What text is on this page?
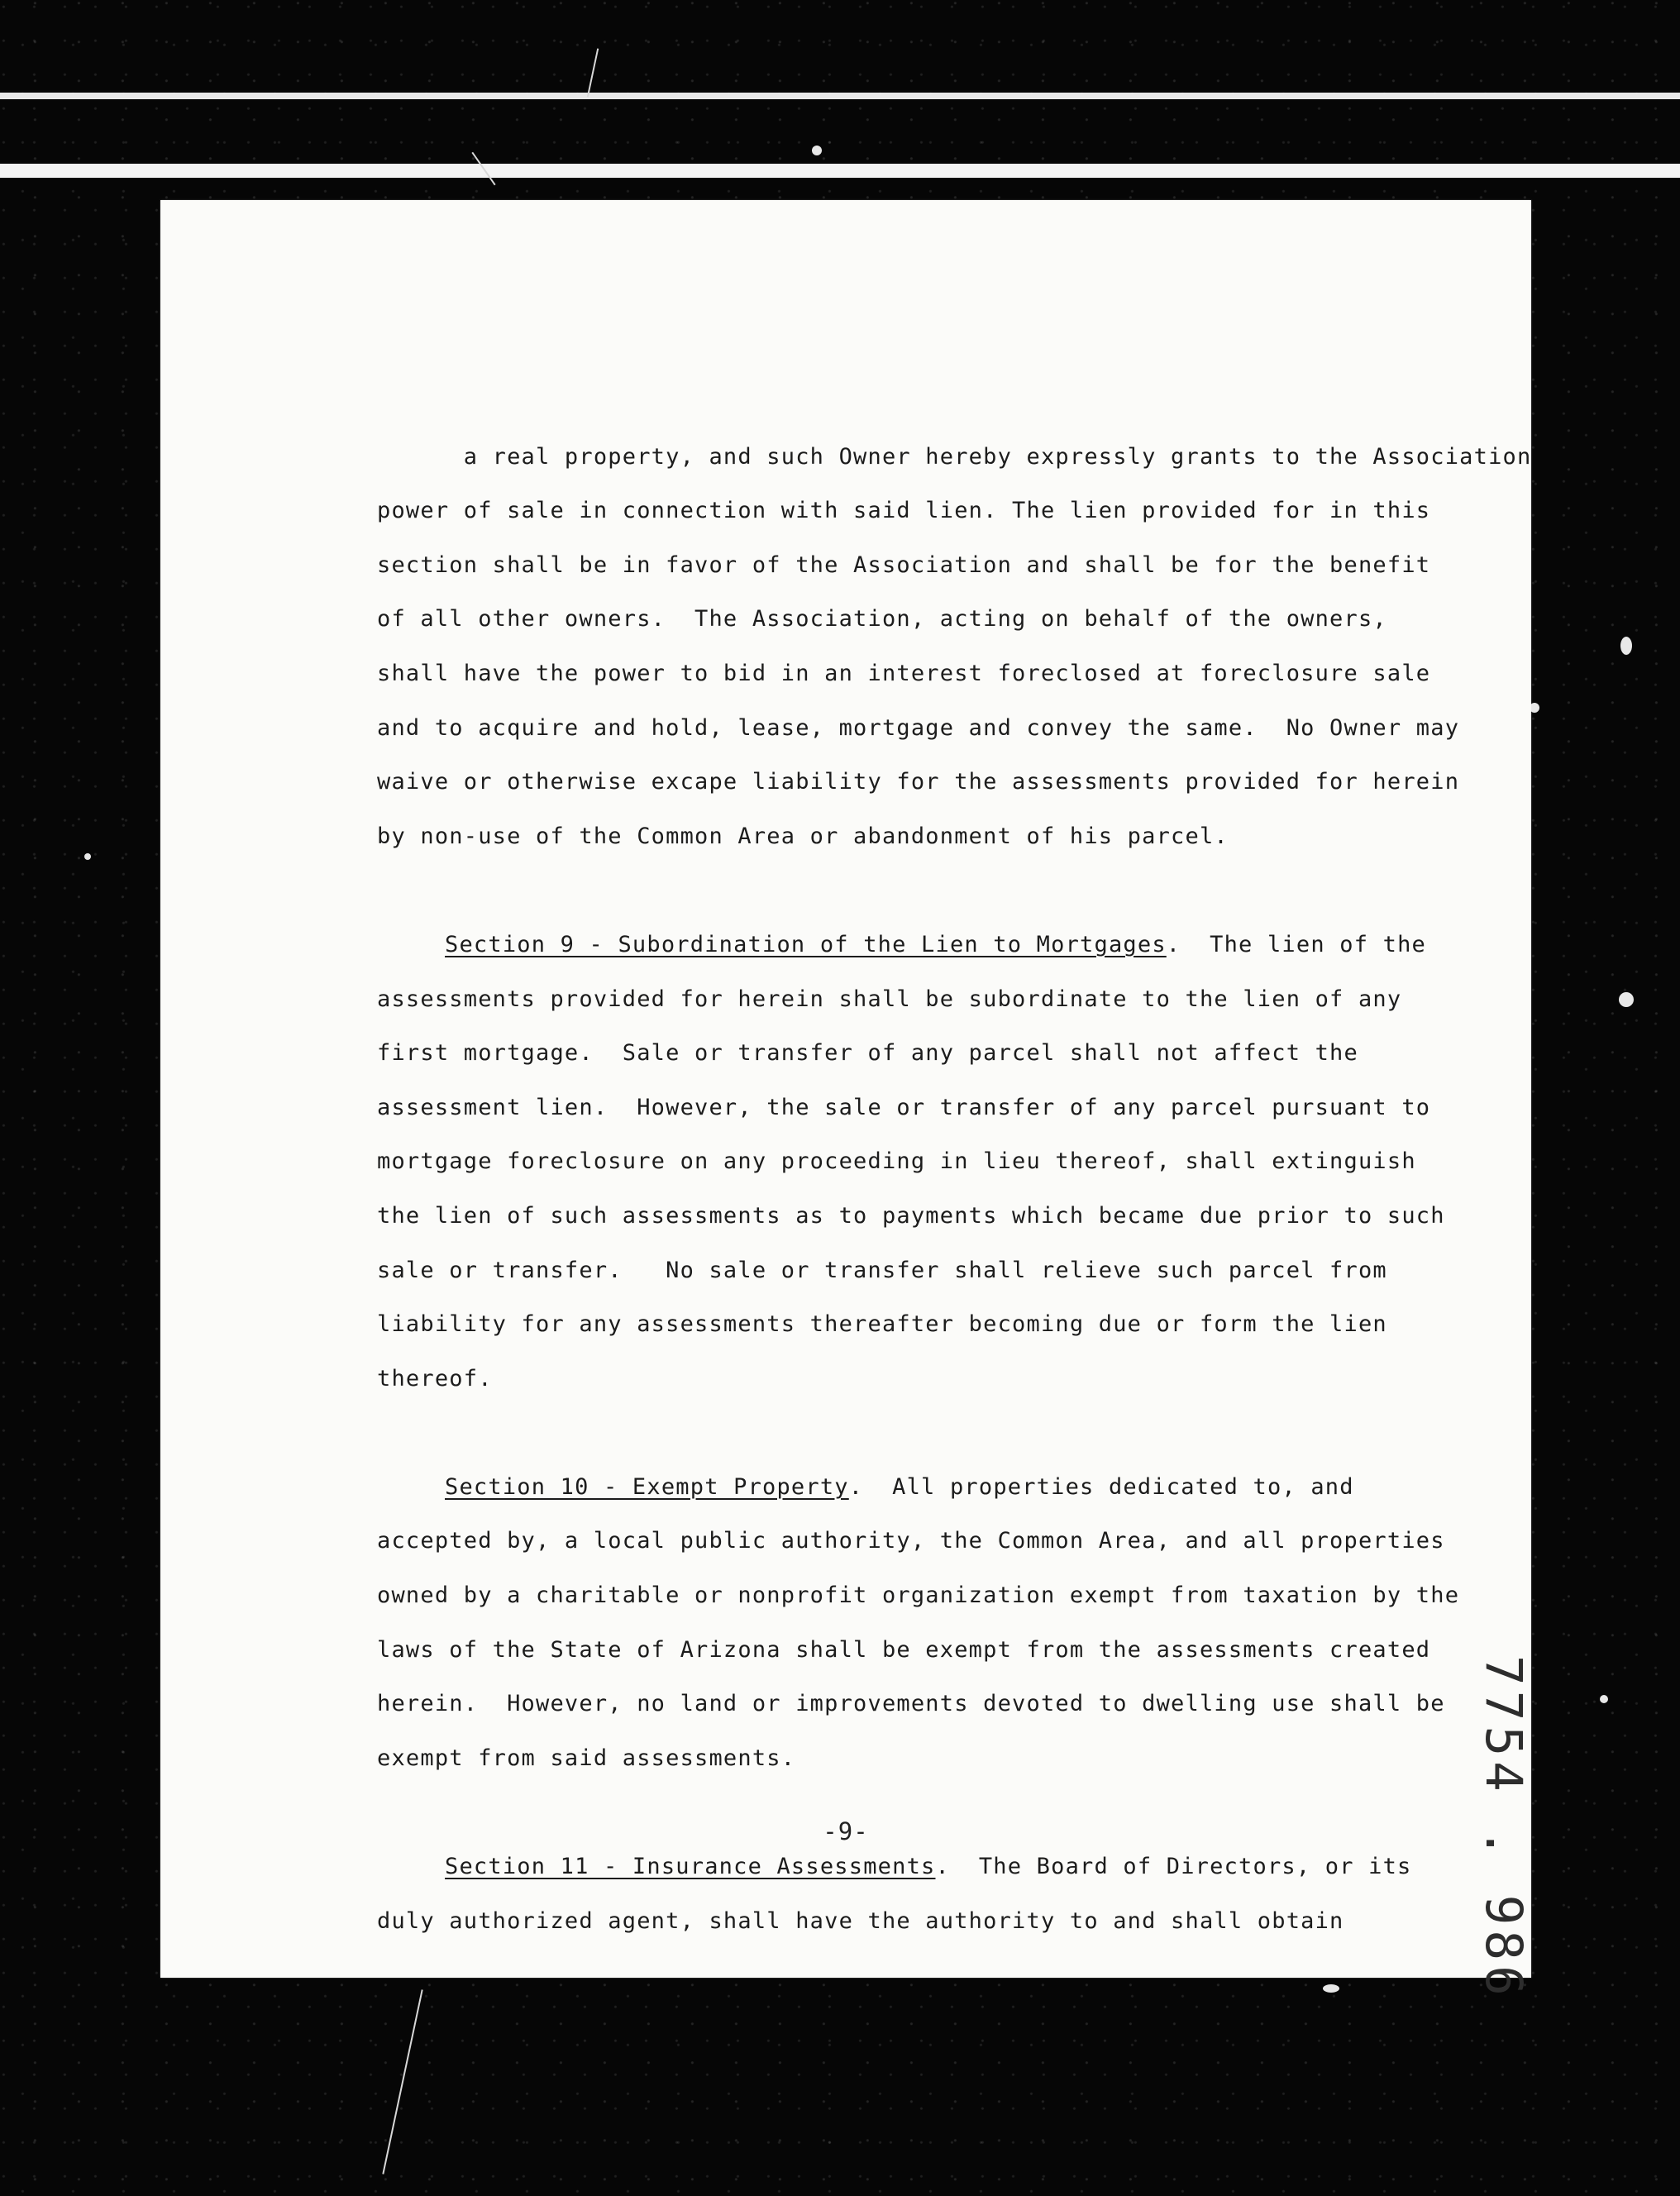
a real property, and such Owner hereby expressly grants to the Association
power of sale in connection with said lien. The lien provided for in this
section shall be in favor of the Association and shall be for the benefit
of all other owners.  The Association, acting on behalf of the owners,
shall have the power to bid in an interest foreclosed at foreclosure sale
and to acquire and hold, lease, mortgage and convey the same.  No Owner may
waive or otherwise excape liability for the assessments provided for herein
by non-use of the Common Area or abandonment of his parcel.

Section 9 - Subordination of the Lien to Mortgages.  The lien of the
assessments provided for herein shall be subordinate to the lien of any
first mortgage.  Sale or transfer of any parcel shall not affect the
assessment lien.  However, the sale or transfer of any parcel pursuant to
mortgage foreclosure on any proceeding in lieu thereof, shall extinguish
the lien of such assessments as to payments which became due prior to such
sale or transfer.   No sale or transfer shall relieve such parcel from
liability for any assessments thereafter becoming due or form the lien
thereof.

Section 10 - Exempt Property.  All properties dedicated to, and
accepted by, a local public authority, the Common Area, and all properties
owned by a charitable or nonprofit organization exempt from taxation by the
laws of the State of Arizona shall be exempt from the assessments created
herein.  However, no land or improvements devoted to dwelling use shall be
exempt from said assessments.

Section 11 - Insurance Assessments.  The Board of Directors, or its
duly authorized agent, shall have the authority to and shall obtain

-9-
7754
.
986
